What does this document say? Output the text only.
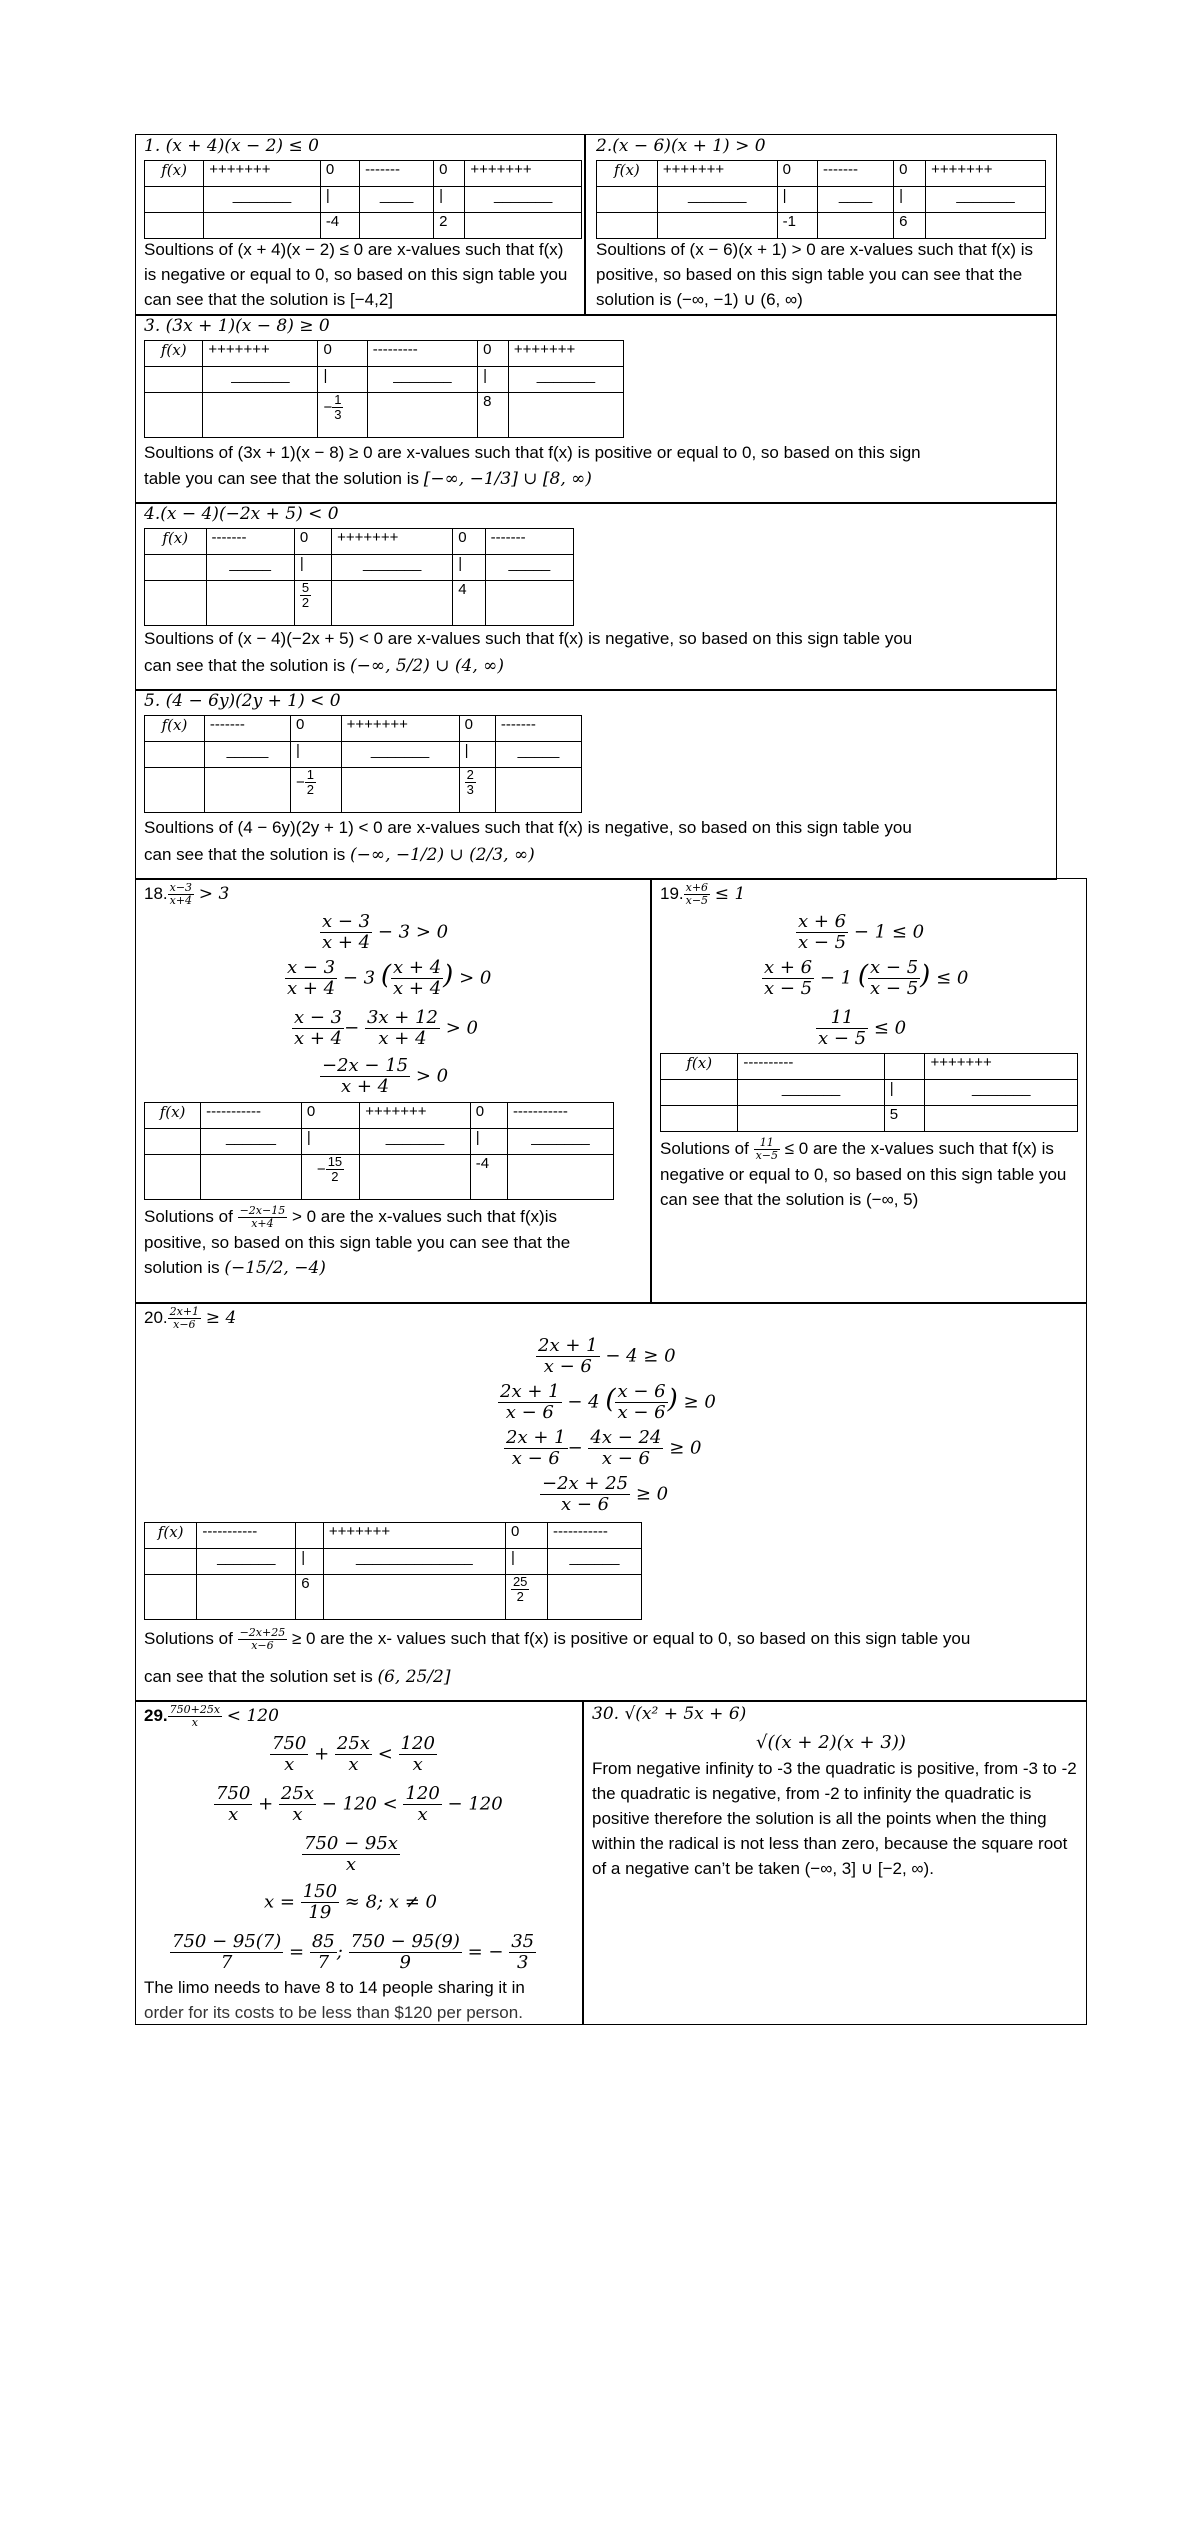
1. (x + 4)(x − 2) ≤ 0
f(x)	+++++++	0	-------	0	+++++++
	_______	|	____	|	_______
		-4		2	
Soultions of (x + 4)(x − 2) ≤ 0 are x-values such that f(x) is negative or equal to 0, so based on this sign table you can see that the solution is [−4,2]
2.(x − 6)(x + 1) > 0
f(x)	+++++++	0	-------	0	+++++++
	_______	|	____	|	_______
		-1		6	
Soultions of (x − 6)(x + 1) > 0 are x-values such that f(x) is positive, so based on this sign table you can see that the solution is (−∞, −1) ∪ (6, ∞)
3. (3x + 1)(x − 8) ≥ 0
f(x)	+++++++	0	---------	0	+++++++
	_______	|	_______	|	_______
		− $\frac{1}{3}$		8	
Soultions of (3x + 1)(x − 8) ≥ 0 are x-values such that f(x) is positive or equal to 0, so based on this sign
table you can see that the solution is [−∞, −1/3] ∪ [8, ∞)
4.(x − 4)(−2x + 5) < 0
f(x)	-------	0	+++++++	0	-------
	_____	|	_______	|	_____

		$\frac{5}{2}$		4	
Soultions of (x − 4)(−2x + 5) < 0 are x-values such that f(x) is negative, so based on this sign table you
can see that the solution is (−∞, 5/2) ∪ (4, ∞)
5. (4 − 6y)(2y + 1) < 0
f(x)	-------	0	+++++++	0	-------
	_____	|	_______	|	_____
		− $\frac{1}{2}$		$\frac{2}{3}$

Soultions of (4 − 6y)(2y + 1) < 0 are x-values such that f(x) is negative, so based on this sign table you
can see that the solution is (−∞, −1/2) ∪ (2/3, ∞)
18. $\frac{x-3}{x+4} > 3$
$\frac{x - 3}{x + 4} - 3 > 0$
$\frac{x - 3}{x + 4} - 3$ ( $\frac{x + 4}{x + 4}$ ) > 0
$\frac{x - 3}{x + 4} - \frac{3x + 12}{x + 4} > 0$
$\frac{-2x - 15}{x + 4} > 0$
f(x)	-----------	0	+++++++	0	-----------
	______	|	_______	|	_______
		− $\frac{15}{2}$		-4	
Solutions of $\frac{-2x-15}{x+4} > 0$ are the x-values such that f(x)is positive, so based on this sign table you can see that the solution is (−15/2, −4)
19. $\frac{x+6}{x-5} \le 1$
$\frac{x + 6}{x - 5} - 1 \le 0$
$\frac{x + 6}{x - 5} - 1$ ( $\frac{x - 5}{x - 5}$ ) ≤ 0
$\frac{11}{x - 5} \le 0$
f(x)	----------		+++++++
	_______	|	_______
		5	
Solutions of $\frac{11}{x-5} \le 0$ are the x-values such that f(x) is negative or equal to 0, so based on this sign table you can see that the solution is (−∞, 5)
20. $\frac{2x+1}{x-6} \ge 4$
$\frac{2x + 1}{x - 6} - 4 \ge 0$
$\frac{2x + 1}{x - 6} - 4$ ( $\frac{x - 6}{x - 6}$ ) ≥ 0
$\frac{2x + 1}{x - 6} - \frac{4x - 24}{x - 6} \ge 0$
$\frac{-2x + 25}{x - 6} \ge 0$
f(x)	-----------		+++++++	0	-----------
	_______	|	______________	|	______
		6		$\frac{25}{2}$

Solutions of $\frac{-2x+25}{x-6} \ge 0$ are the x- values such that f(x) is positive or equal to 0, so based on this sign table you
can see that the solution set is (6, 25/2]
29. $\frac{750+25x}{x} < 120$
$\frac{750}{x} + \frac{25x}{x} < \frac{120}{x}$
$\frac{750}{x} + \frac{25x}{x} - 120 < \frac{120}{x} - 120$
$\frac{750 - 95x}{x}$
$x = \frac{150}{19} \approx 8$; x ≠ 0
$\frac{750 - 95(7)}{7} = \frac{85}{7}$ ; $\frac{750 - 95(9)}{9}$ = − $\frac{35}{3}$
The limo needs to have 8 to 14 people sharing it in
order for its costs to be less than $120 per person.
30. √(x² + 5x + 6)
√((x + 2)(x + 3))
From negative infinity to -3 the quadratic is positive, from -3 to -2 the quadratic is negative, from -2 to infinity the quadratic is positive therefore the solution is all the points when the thing within the radical is not less than zero, because the square root of a negative can’t be taken (−∞, 3] ∪ [−2, ∞).
